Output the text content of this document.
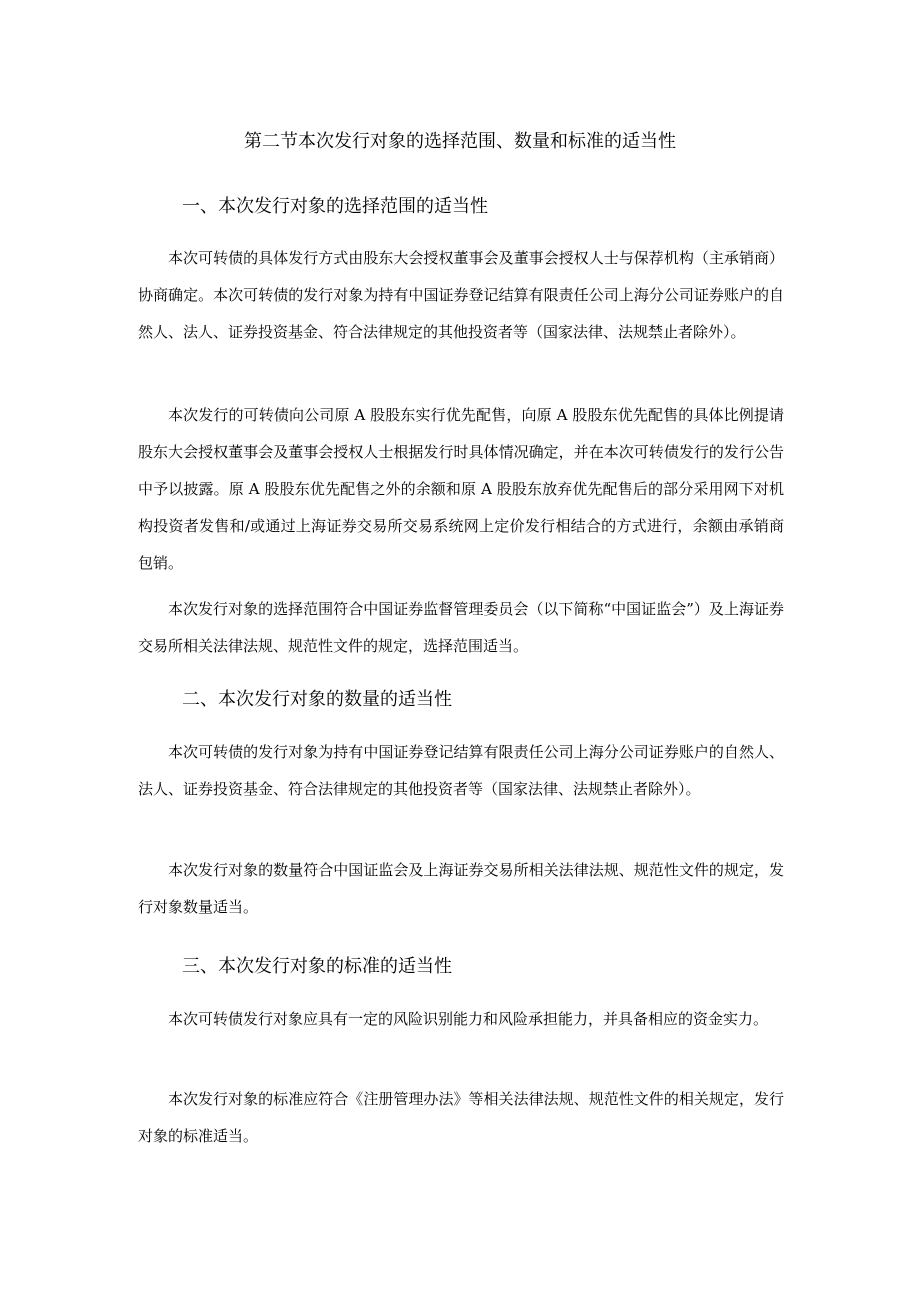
第二节本次发行对象的选择范围、数量和标准的适当性
一、本次发行对象的选择范围的适当性

本次可转债的具体发行方式由股东大会授权董事会及董事会授权人士与保荐机构（主承销商）协商确定。本次可转债的发行对象为持有中国证券登记结算有限责任公司上海分公司证券账户的自然人、法人、证券投资基金、符合法律规定的其他投资者等（国家法律、法规禁止者除外）。

本次发行的可转债向公司原 A 股股东实行优先配售，向原 A 股股东优先配售的具体比例提请股东大会授权董事会及董事会授权人士根据发行时具体情况确定，并在本次可转债发行的发行公告中予以披露。原 A 股股东优先配售之外的余额和原 A 股股东放弃优先配售后的部分采用网下对机构投资者发售和/或通过上海证券交易所交易系统网上定价发行相结合的方式进行，余额由承销商包销。

本次发行对象的选择范围符合中国证券监督管理委员会（以下简称“中国证监会”）及上海证券交易所相关法律法规、规范性文件的规定，选择范围适当。

二、本次发行对象的数量的适当性

本次可转债的发行对象为持有中国证券登记结算有限责任公司上海分公司证券账户的自然人、法人、证券投资基金、符合法律规定的其他投资者等（国家法律、法规禁止者除外）。

本次发行对象的数量符合中国证监会及上海证券交易所相关法律法规、规范性文件的规定，发行对象数量适当。

三、本次发行对象的标准的适当性

本次可转债发行对象应具有一定的风险识别能力和风险承担能力，并具备相应的资金实力。

本次发行对象的标准应符合《注册管理办法》等相关法律法规、规范性文件的相关规定，发行对象的标准适当。
